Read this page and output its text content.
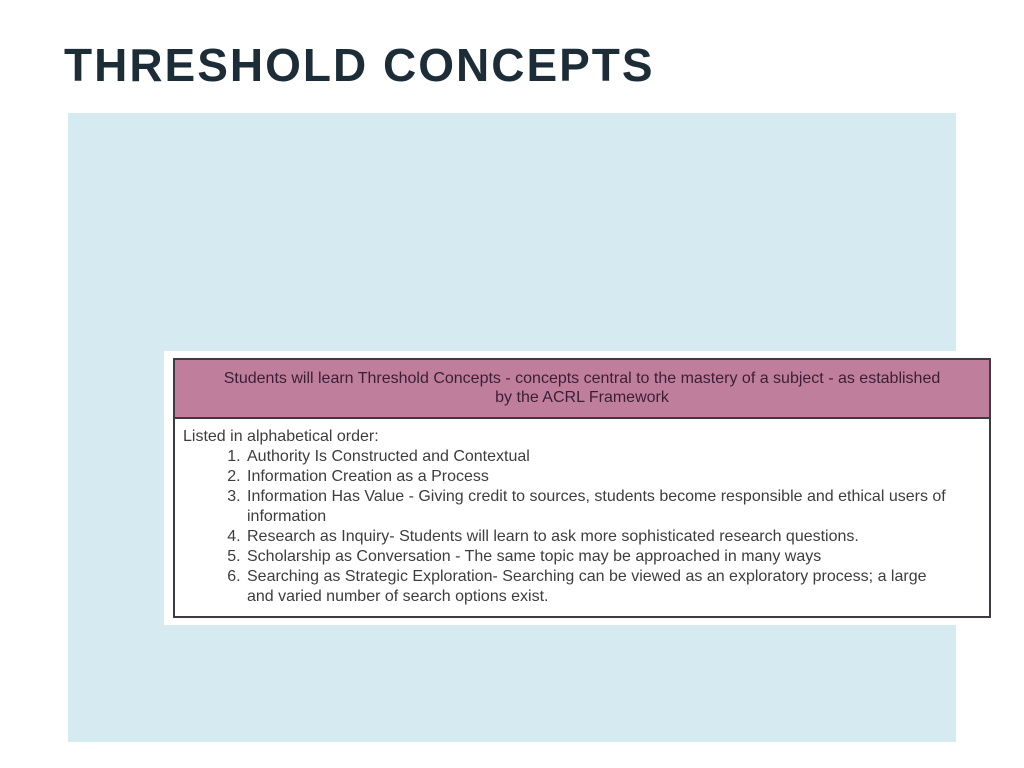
THRESHOLD CONCEPTS
Students will learn Threshold Concepts - concepts central to the mastery of a subject - as established
by the ACRL Framework
Listed in alphabetical order:
1. Authority Is Constructed and Contextual
2. Information Creation as a Process
3. Information Has Value - Giving credit to sources, students become responsible and ethical users of information
4. Research as Inquiry- Students will learn to ask more sophisticated research questions.
5. Scholarship as Conversation - The same topic may be approached in many ways
6. Searching as Strategic Exploration- Searching can be viewed as an exploratory process; a large and varied number of search options exist.
